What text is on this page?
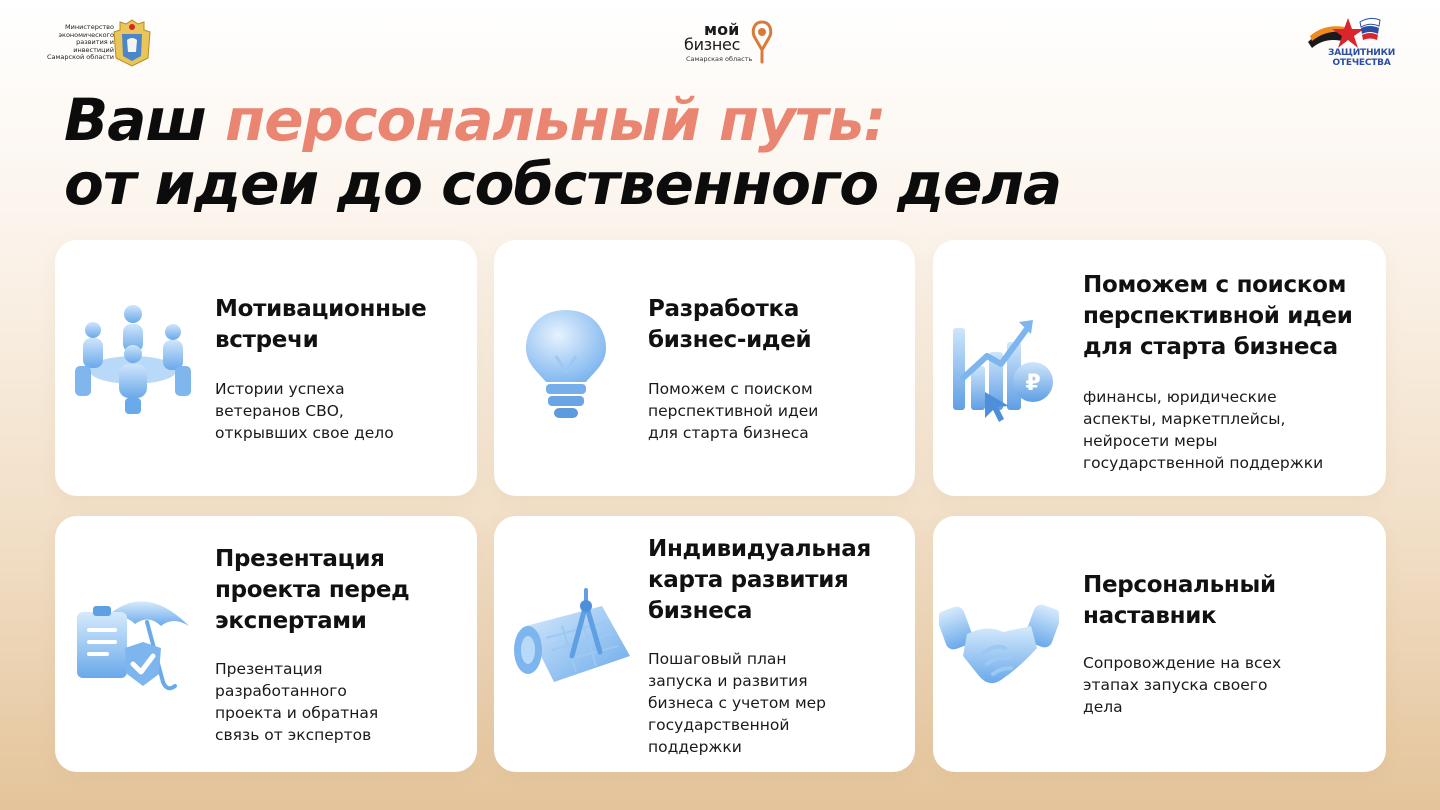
Министерство
экономического
развития и инвестиций
Самарской области
мой
бизнес
Самарская область
ЗАЩИТНИКИ
ОТЕЧЕСТВА
Ваш персональный путь:
от идеи до собственного дела
Мотивационные
встречи
Истории успеха
ветеранов СВО,
открывших свое дело
Разработка
бизнес-идей
Поможем с поиском
перспективной идеи
для старта бизнеса
₽
Поможем с поиском
перспективной идеи
для старта бизнеса
финансы, юридические
аспекты, маркетплейсы,
нейросети меры
государственной поддержки
Презентация
проекта перед
экспертами
Презентация
разработанного
проекта и обратная
связь от экспертов
Индивидуальная
карта развития
бизнеса
Пошаговый план
запуска и развития
бизнеса с учетом мер
государственной
поддержки
Персональный
наставник
Сопровождение на всех
этапах запуска своего
дела
